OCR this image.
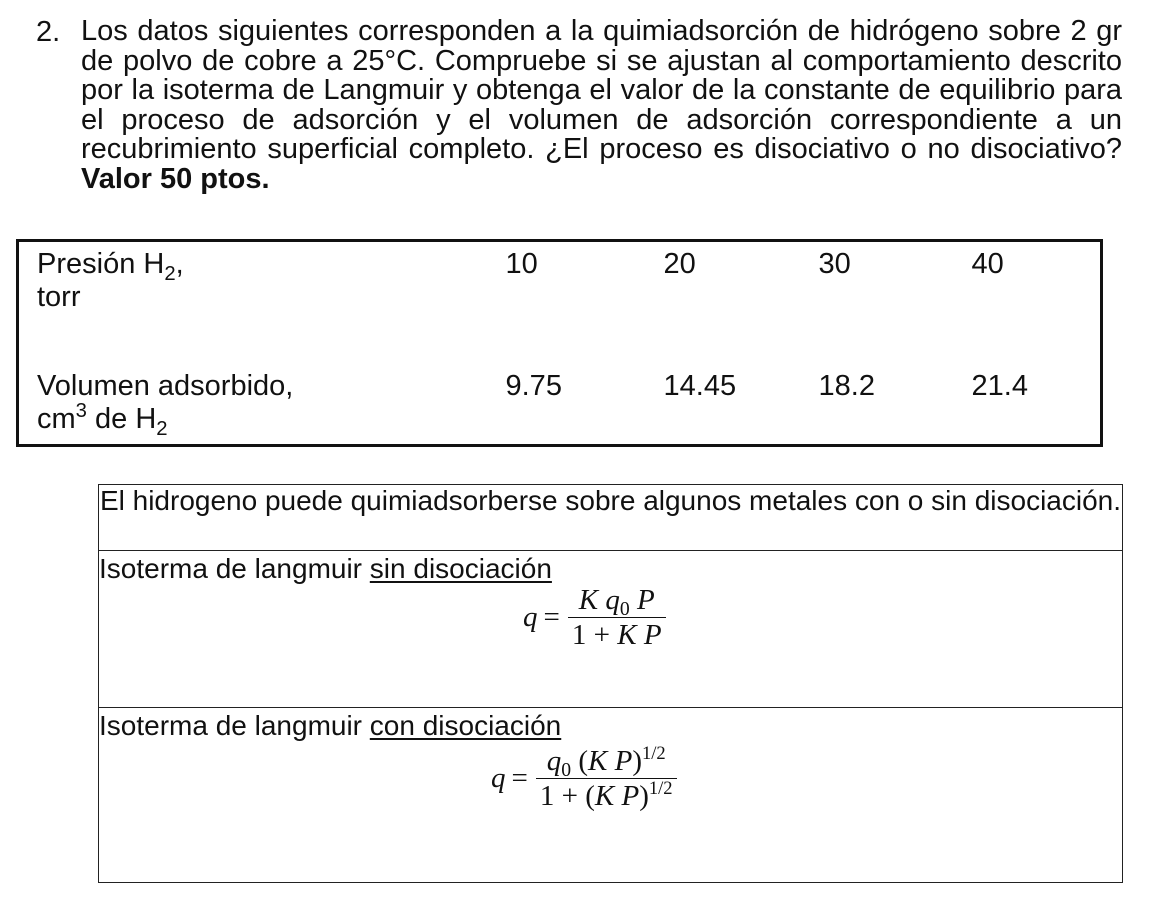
2. Los datos siguientes corresponden a la quimiadsorción de hidrógeno sobre 2 gr de polvo de cobre a 25°C. Compruebe si se ajustan al comportamiento descrito por la isoterma de Langmuir y obtenga el valor de la constante de equilibrio para el proceso de adsorción y el volumen de adsorción correspondiente a un recubrimiento superficial completo. ¿El proceso es disociativo o no disociativo? Valor 50 ptos.

Presión $H_2$,
torr	10	20	30	40
Volumen adsorbido,
$cm^3$ de $H_2$	9.75	14.45	18.2	21.4
El hidrogeno puede quimiadsorberse sobre algunos metales con o sin disociación.

Isoterma de langmuir sin disociación
$q = \frac{K q_0 P}{\text{1 + K P}}$

Isoterma de langmuir con disociación
$q = \frac{q_0 (K P)^{1/2}}{1 + (K P)^{1/2}}$
